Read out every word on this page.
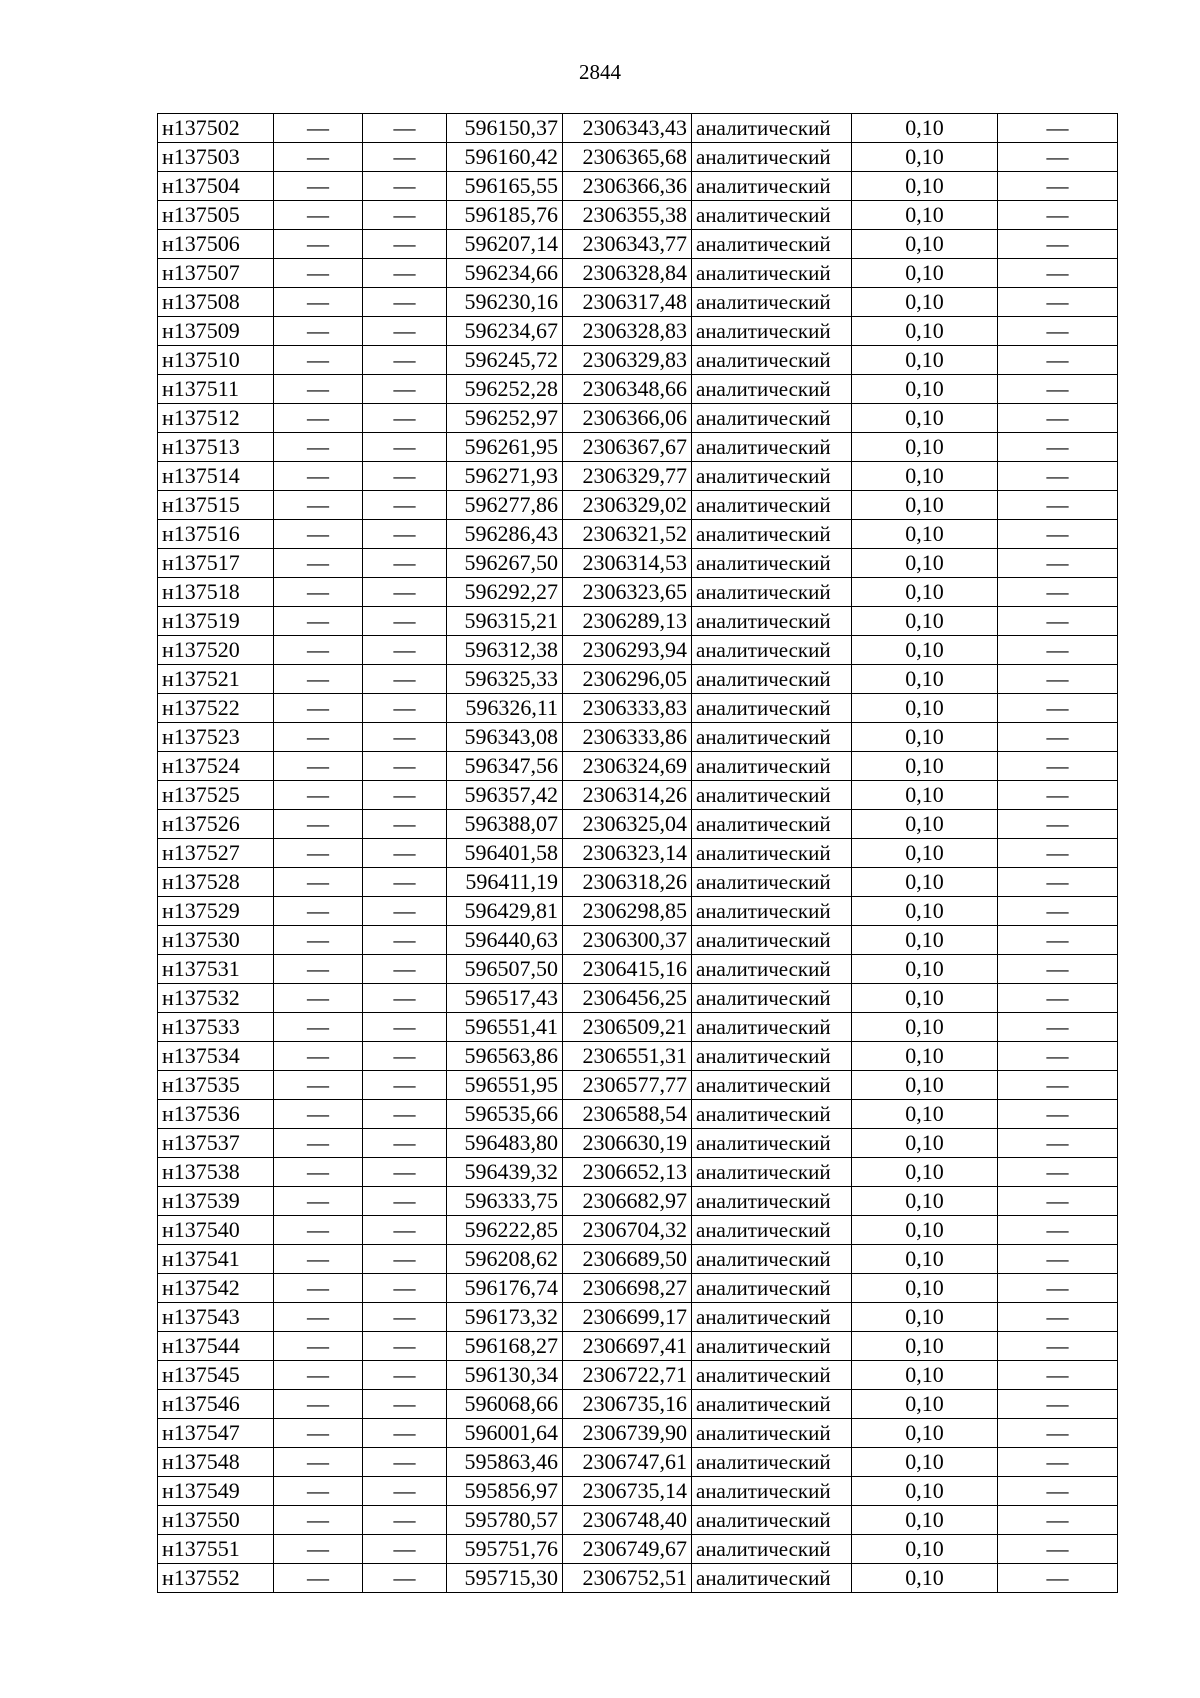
2844
н137502	—	—	596150,37	2306343,43	аналитический	0,10	—
н137503	—	—	596160,42	2306365,68	аналитический	0,10	—
н137504	—	—	596165,55	2306366,36	аналитический	0,10	—
н137505	—	—	596185,76	2306355,38	аналитический	0,10	—
н137506	—	—	596207,14	2306343,77	аналитический	0,10	—
н137507	—	—	596234,66	2306328,84	аналитический	0,10	—
н137508	—	—	596230,16	2306317,48	аналитический	0,10	—
н137509	—	—	596234,67	2306328,83	аналитический	0,10	—
н137510	—	—	596245,72	2306329,83	аналитический	0,10	—
н137511	—	—	596252,28	2306348,66	аналитический	0,10	—
н137512	—	—	596252,97	2306366,06	аналитический	0,10	—
н137513	—	—	596261,95	2306367,67	аналитический	0,10	—
н137514	—	—	596271,93	2306329,77	аналитический	0,10	—
н137515	—	—	596277,86	2306329,02	аналитический	0,10	—
н137516	—	—	596286,43	2306321,52	аналитический	0,10	—
н137517	—	—	596267,50	2306314,53	аналитический	0,10	—
н137518	—	—	596292,27	2306323,65	аналитический	0,10	—
н137519	—	—	596315,21	2306289,13	аналитический	0,10	—
н137520	—	—	596312,38	2306293,94	аналитический	0,10	—
н137521	—	—	596325,33	2306296,05	аналитический	0,10	—
н137522	—	—	596326,11	2306333,83	аналитический	0,10	—
н137523	—	—	596343,08	2306333,86	аналитический	0,10	—
н137524	—	—	596347,56	2306324,69	аналитический	0,10	—
н137525	—	—	596357,42	2306314,26	аналитический	0,10	—
н137526	—	—	596388,07	2306325,04	аналитический	0,10	—
н137527	—	—	596401,58	2306323,14	аналитический	0,10	—
н137528	—	—	596411,19	2306318,26	аналитический	0,10	—
н137529	—	—	596429,81	2306298,85	аналитический	0,10	—
н137530	—	—	596440,63	2306300,37	аналитический	0,10	—
н137531	—	—	596507,50	2306415,16	аналитический	0,10	—
н137532	—	—	596517,43	2306456,25	аналитический	0,10	—
н137533	—	—	596551,41	2306509,21	аналитический	0,10	—
н137534	—	—	596563,86	2306551,31	аналитический	0,10	—
н137535	—	—	596551,95	2306577,77	аналитический	0,10	—
н137536	—	—	596535,66	2306588,54	аналитический	0,10	—
н137537	—	—	596483,80	2306630,19	аналитический	0,10	—
н137538	—	—	596439,32	2306652,13	аналитический	0,10	—
н137539	—	—	596333,75	2306682,97	аналитический	0,10	—
н137540	—	—	596222,85	2306704,32	аналитический	0,10	—
н137541	—	—	596208,62	2306689,50	аналитический	0,10	—
н137542	—	—	596176,74	2306698,27	аналитический	0,10	—
н137543	—	—	596173,32	2306699,17	аналитический	0,10	—
н137544	—	—	596168,27	2306697,41	аналитический	0,10	—
н137545	—	—	596130,34	2306722,71	аналитический	0,10	—
н137546	—	—	596068,66	2306735,16	аналитический	0,10	—
н137547	—	—	596001,64	2306739,90	аналитический	0,10	—
н137548	—	—	595863,46	2306747,61	аналитический	0,10	—
н137549	—	—	595856,97	2306735,14	аналитический	0,10	—
н137550	—	—	595780,57	2306748,40	аналитический	0,10	—
н137551	—	—	595751,76	2306749,67	аналитический	0,10	—
н137552	—	—	595715,30	2306752,51	аналитический	0,10	—
